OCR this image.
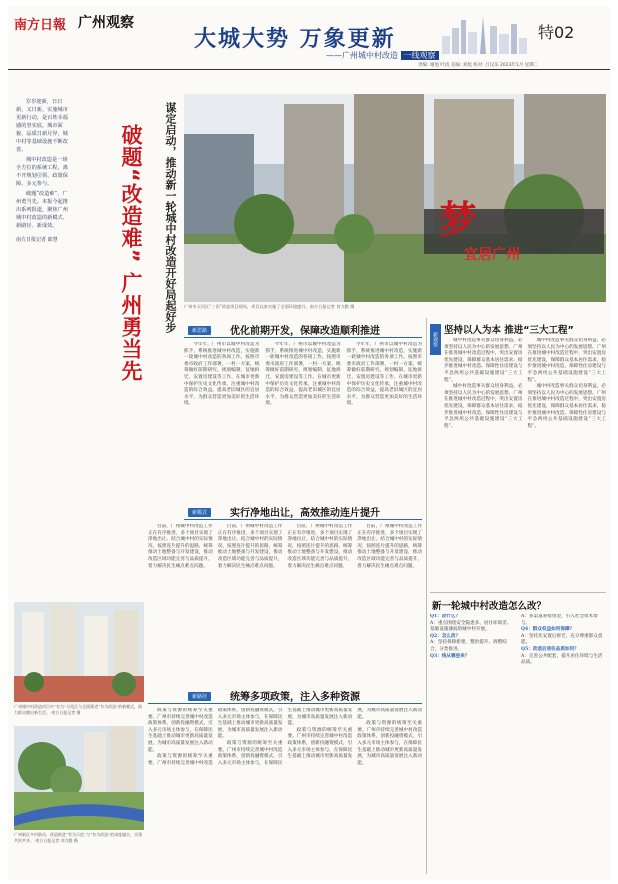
南方日報 广州观察
大城大势 万象更新
——广州城中村改造 一线观察
特02
责编: 谢旭 叶清 美编: 刘旭 校对: 吕汉乐 2023年1月 星期二

岁岁迎新，日日新，又日新。实施城市更新行动，是百姓幸福感的坚实底。城市面貌、品质日新月异，城中村等基础设施不断改善。

城中村改造是一场全方位的系统工程，离不开规划引领、政策保障、多元参与。

破题“改造难”，广州勇当先。本报今起推出系列报道，聚焦广州城中村改造的新模式、新路径、新成效。

南方日报记者 郎慧	谋定启动，推动新一轮城中村改造开好局起好步
破题“改造难” 广州勇当先	梦
宜居广州
广州市天河区“三旧”改造项目现场，项目以来实施了全面环境提升。南方日报记者 刘力勤 摄
新思路	优化前期开发，保障改造顺利推进

今年年，广州市以城中村改造为抓手，系统推进城中村改造，实施新一轮城中村改造的各项工作。按照市委市政府工作部署，一村一方案，统筹做好前期研究、规划编制、征地拆迁、安置房建设等工作。在城市更新中保护历史文化传承，注重城中村改造的综合效益，提高老旧城区的宜居水平，为群众营造更加美好的生活环境。

今年年，广州市以城中村改造为抓手，系统推进城中村改造，实施新一轮城中村改造的各项工作。按照市委市政府工作部署，一村一方案，统筹做好前期研究、规划编制、征地拆迁、安置房建设等工作。在城市更新中保护历史文化传承，注重城中村改造的综合效益，提高老旧城区的宜居水平，为群众营造更加美好的生活环境。

今年年，广州市以城中村改造为抓手，系统推进城中村改造，实施新一轮城中村改造的各项工作。按照市委市政府工作部署，一村一方案，统筹做好前期研究、规划编制、征地拆迁、安置房建设等工作。在城市更新中保护历史文化传承，注重城中村改造的综合效益，提高老旧城区的宜居水平，为群众营造更加美好的生活环境。

广州城中村改造项目中“有为”示范区与全面推进“有为改造”的新模式，助力群众搬出新生活。 南方日报记者 摄
广州新区多村联动，改造推进“有为示范”与“有为改造”的深度融合，实现共治共享。 南方日报记者 刘力勤 摄
新模式	实行净地出让，高效推动连片提升

目前，广州城中村改造工作正在有序推进，多个项目实现了净地出让。结合城中村的实际情况，按照连片提升的思路，统筹推动土地整备与开发建设，推动改造区域功能完善与品质提升，着力解决民生痛点难点问题。

目前，广州城中村改造工作正在有序推进，多个项目实现了净地出让。结合城中村的实际情况，按照连片提升的思路，统筹推动土地整备与开发建设，推动改造区域功能完善与品质提升，着力解决民生痛点难点问题。

目前，广州城中村改造工作正在有序推进，多个项目实现了净地出让。结合城中村的实际情况，按照连片提升的思路，统筹推动土地整备与开发建设，推动改造区域功能完善与品质提升，着力解决民生痛点难点问题。

目前，广州城中村改造工作正在有序推进，多个项目实现了净地出让。结合城中村的实际情况，按照连片提升的思路，统筹推动土地整备与开发建设，推动改造区域功能完善与品质提升，着力解决民生痛点难点问题。

新路径	统筹多项政策，注入多种资源

政策与资源的统筹至关重要。广州市持续完善城中村改造政策体系，创新投融资模式，引入多元市场主体参与，在保障民生基础上推动城市更新高质量发展，为城市高质量发展注入新动能。

政策与资源的统筹至关重要。广州市持续完善城中村改造政策体系，创新投融资模式，引入多元市场主体参与，在保障民生基础上推动城市更新高质量发展，为城市高质量发展注入新动能。

政策与资源的统筹至关重要。广州市持续完善城中村改造政策体系，创新投融资模式，引入多元市场主体参与，在保障民生基础上推动城市更新高质量发展，为城市高质量发展注入新动能。

政策与资源的统筹至关重要。广州市持续完善城中村改造政策体系，创新投融资模式，引入多元市场主体参与，在保障民生基础上推动城市更新高质量发展，为城市高质量发展注入新动能。

政策与资源的统筹至关重要。广州市持续完善城中村改造政策体系，创新投融资模式，引入多元市场主体参与，在保障民生基础上推动城市更新高质量发展，为城市高质量发展注入新动能。

新观察
坚持以人为本 推进“三大工程”

城中村改造事关群众切身利益，必须坚持以人民为中心的发展思想。广州在推进城中村改造过程中，突出安置房优先建设，保障群众基本居住需求，稳步推进城中村改造、保障性住房建设与平急两用公共基础设施建设“三大工程”。

城中村改造事关群众切身利益，必须坚持以人民为中心的发展思想。广州在推进城中村改造过程中，突出安置房优先建设，保障群众基本居住需求，稳步推进城中村改造、保障性住房建设与平急两用公共基础设施建设“三大工程”。

城中村改造事关群众切身利益，必须坚持以人民为中心的发展思想。广州在推进城中村改造过程中，突出安置房优先建设，保障群众基本居住需求，稳步推进城中村改造、保障性住房建设与平急两用公共基础设施建设“三大工程”。

城中村改造事关群众切身利益，必须坚持以人民为中心的发展思想。广州在推进城中村改造过程中，突出安置房优先建设，保障群众基本居住需求，稳步推进城中村改造、保障性住房建设与平急两用公共基础设施建设“三大工程”。

新一轮城中村改造怎么改？
Q1：改什么？
A：重点围绕安全隐患多、居住环境差、基础设施薄弱的城中村开展。
Q2：怎么改？
A：坚持拆除新建、整治提升、拆整结合，分类推进。
Q3：钱从哪里来？
A：多渠道筹措资金，引入社会资本参与。
Q4：群众权益如何保障？
A：坚持先安置后拆迁，充分尊重群众意愿。
Q5：改造后居住品质如何？
A：完善公共配套，提升居住环境与生活品质。
